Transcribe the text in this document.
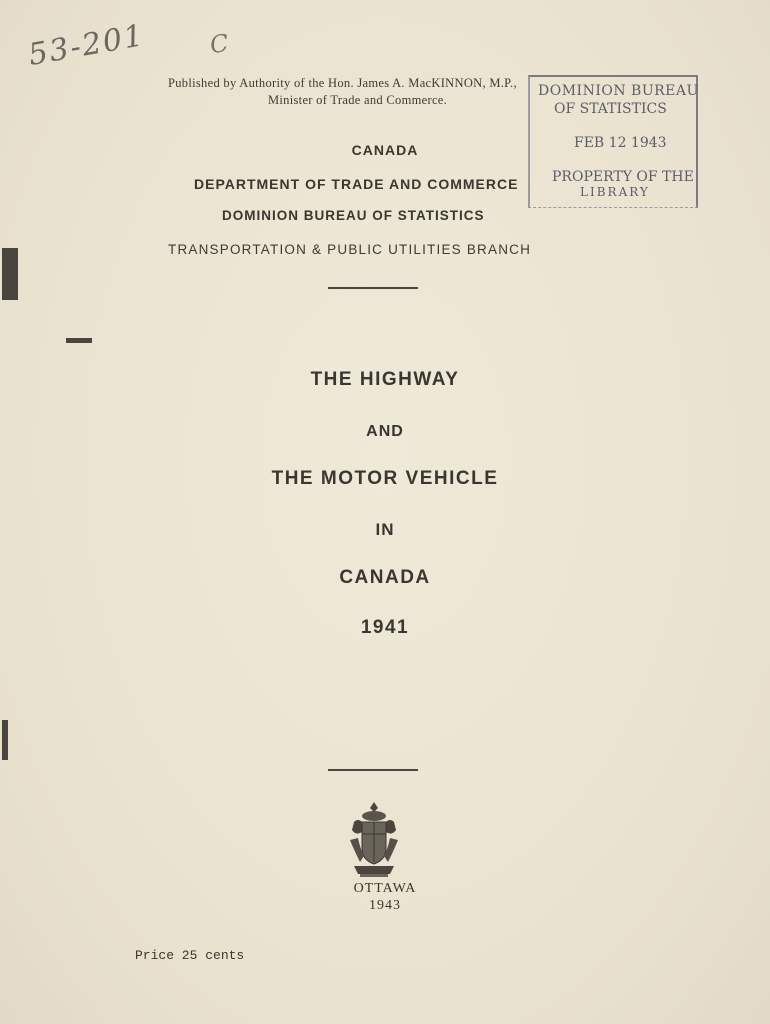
53-201	C
Published by Authority of the Hon. James A. MacKINNON, M.P.,
Minister of Trade and Commerce.
DOMINION BUREAU
OF STATISTICS
FEB 12 1943
PROPERTY OF THE
LIBRARY
CANADA
DEPARTMENT OF TRADE AND COMMERCE
DOMINION BUREAU OF STATISTICS
TRANSPORTATION & PUBLIC UTILITIES BRANCH
THE HIGHWAY
AND
THE MOTOR VEHICLE
IN
CANADA
1941
OTTAWA
1943
Price 25 cents
